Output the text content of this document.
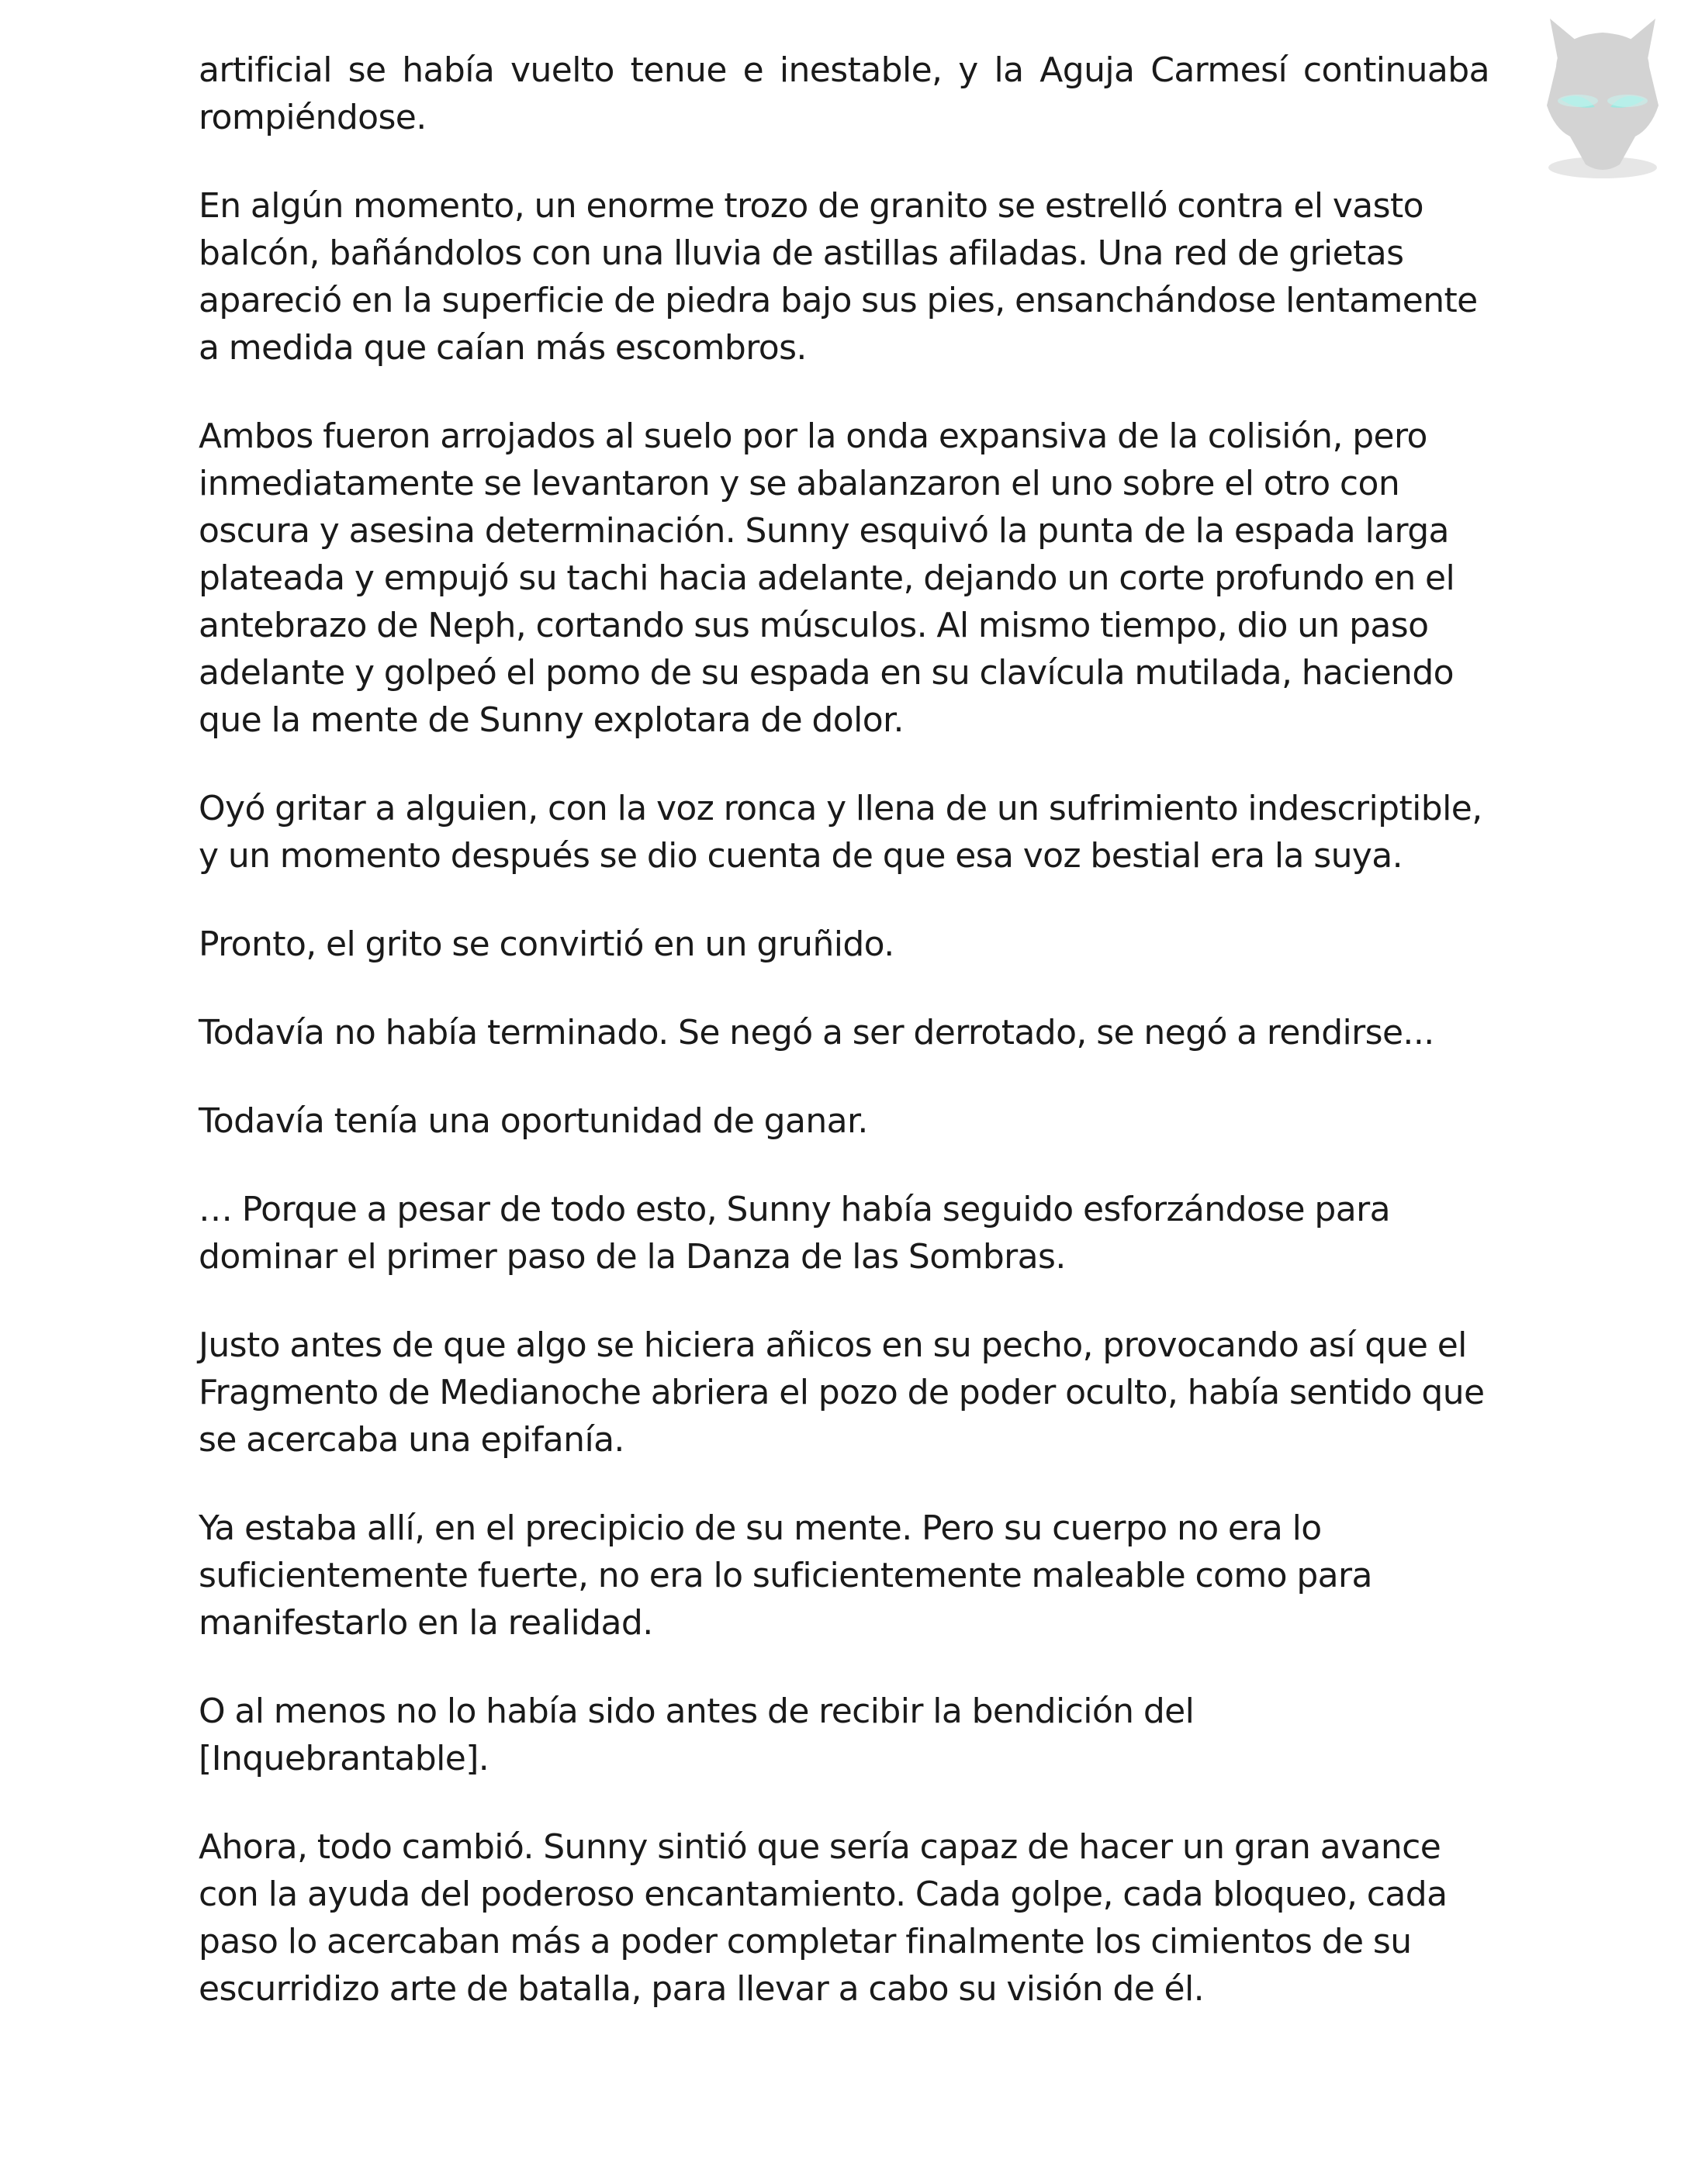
artificial se había vuelto tenue e inestable, y la Aguja Carmesí continuaba rompiéndose.

En algún momento, un enorme trozo de granito se estrelló contra el vasto balcón, bañándolos con una lluvia de astillas afiladas. Una red de grietas apareció en la superficie de piedra bajo sus pies, ensanchándose lentamente a medida que caían más escombros.

Ambos fueron arrojados al suelo por la onda expansiva de la colisión, pero inmediatamente se levantaron y se abalanzaron el uno sobre el otro con oscura y asesina determinación. Sunny esquivó la punta de la espada larga plateada y empujó su tachi hacia adelante, dejando un corte profundo en el antebrazo de Neph, cortando sus músculos. Al mismo tiempo, dio un paso adelante y golpeó el pomo de su espada en su clavícula mutilada, haciendo que la mente de Sunny explotara de dolor.

Oyó gritar a alguien, con la voz ronca y llena de un sufrimiento indescriptible, y un momento después se dio cuenta de que esa voz bestial era la suya.

Pronto, el grito se convirtió en un gruñido.

Todavía no había terminado. Se negó a ser derrotado, se negó a rendirse...

Todavía tenía una oportunidad de ganar.

… Porque a pesar de todo esto, Sunny había seguido esforzándose para dominar el primer paso de la Danza de las Sombras.

Justo antes de que algo se hiciera añicos en su pecho, provocando así que el Fragmento de Medianoche abriera el pozo de poder oculto, había sentido que se acercaba una epifanía.

Ya estaba allí, en el precipicio de su mente. Pero su cuerpo no era lo suficientemente fuerte, no era lo suficientemente maleable como para manifestarlo en la realidad.

O al menos no lo había sido antes de recibir la bendición del [Inquebrantable].

Ahora, todo cambió. Sunny sintió que sería capaz de hacer un gran avance con la ayuda del poderoso encantamiento. Cada golpe, cada bloqueo, cada paso lo acercaban más a poder completar finalmente los cimientos de su escurridizo arte de batalla, para llevar a cabo su visión de él.
